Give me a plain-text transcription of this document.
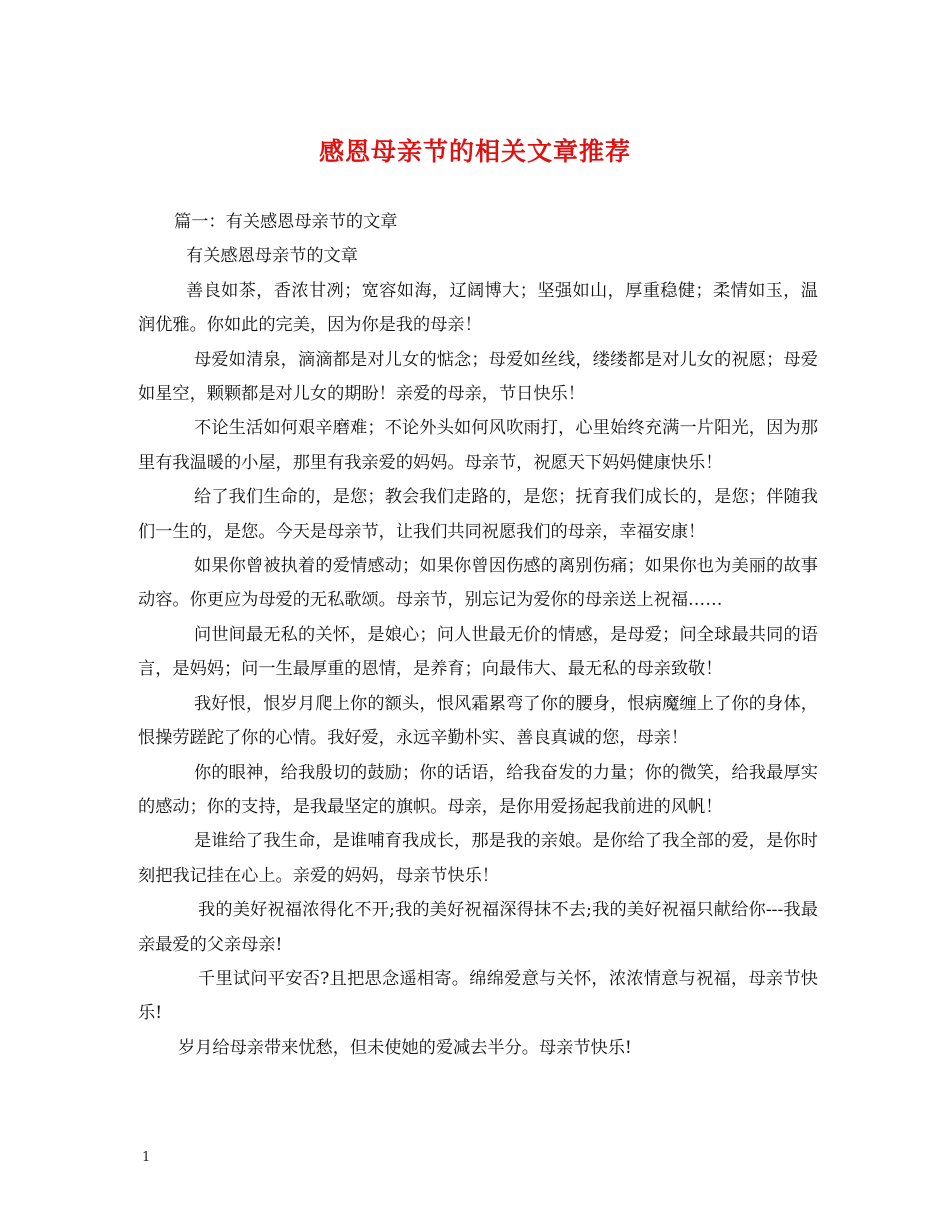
感恩母亲节的相关文章推荐

篇一：有关感恩母亲节的文章

有关感恩母亲节的文章

善良如茶，香浓甘冽；宽容如海，辽阔博大；坚强如山，厚重稳健；柔情如玉，温润优雅。你如此的完美，因为你是我的母亲！

母爱如清泉，滴滴都是对儿女的惦念；母爱如丝线，缕缕都是对儿女的祝愿；母爱如星空，颗颗都是对儿女的期盼！亲爱的母亲，节日快乐！

不论生活如何艰辛磨难；不论外头如何风吹雨打，心里始终充满一片阳光，因为那里有我温暖的小屋，那里有我亲爱的妈妈。母亲节，祝愿天下妈妈健康快乐！

给了我们生命的，是您；教会我们走路的，是您；抚育我们成长的，是您；伴随我们一生的，是您。今天是母亲节，让我们共同祝愿我们的母亲，幸福安康！

如果你曾被执着的爱情感动；如果你曾因伤感的离别伤痛；如果你也为美丽的故事动容。你更应为母爱的无私歌颂。母亲节，别忘记为爱你的母亲送上祝福……

问世间最无私的关怀，是娘心；问人世最无价的情感，是母爱；问全球最共同的语言，是妈妈；问一生最厚重的恩情，是养育；向最伟大、最无私的母亲致敬！

我好恨，恨岁月爬上你的额头，恨风霜累弯了你的腰身，恨病魔缠上了你的身体，恨操劳蹉跎了你的心情。我好爱，永远辛勤朴实、善良真诚的您，母亲！

你的眼神，给我殷切的鼓励；你的话语，给我奋发的力量；你的微笑，给我最厚实的感动；你的支持，是我最坚定的旗帜。母亲，是你用爱扬起我前进的风帆！

是谁给了我生命，是谁哺育我成长，那是我的亲娘。是你给了我全部的爱，是你时刻把我记挂在心上。亲爱的妈妈，母亲节快乐！

我的美好祝福浓得化不开;我的美好祝福深得抹不去;我的美好祝福只献给你---我最亲最爱的父亲母亲!

千里试问平安否?且把思念遥相寄。绵绵爱意与关怀，浓浓情意与祝福，母亲节快乐!

岁月给母亲带来忧愁，但未使她的爱减去半分。母亲节快乐!

1
